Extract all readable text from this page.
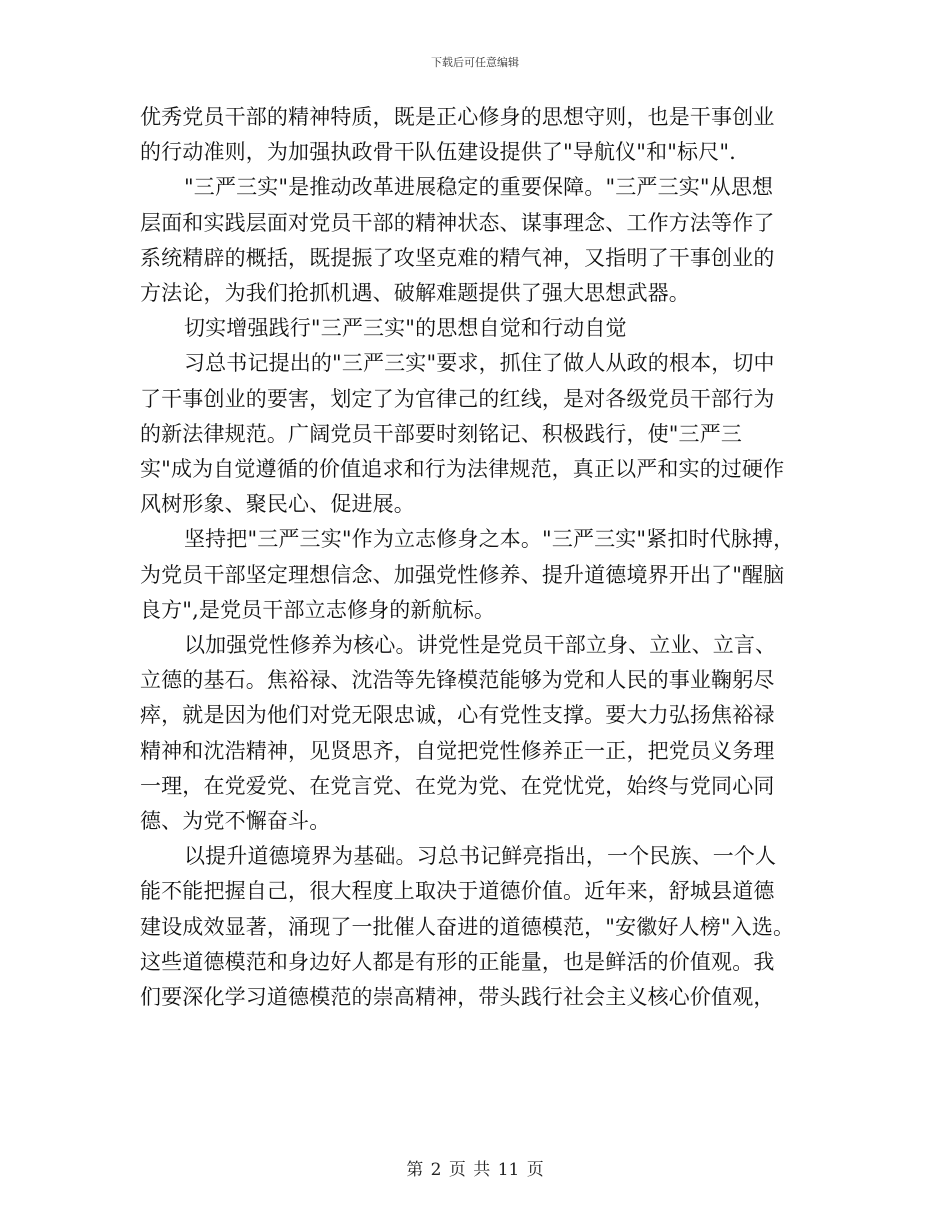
下载后可任意编辑
优秀党员干部的精神特质，既是正心修身的思想守则，也是干事创业
的行动准则，为加强执政骨干队伍建设提供了"导航仪"和"标尺".
"三严三实"是推动改革进展稳定的重要保障。"三严三实"从思想
层面和实践层面对党员干部的精神状态、谋事理念、工作方法等作了
系统精辟的概括，既提振了攻坚克难的精气神，又指明了干事创业的
方法论，为我们抢抓机遇、破解难题提供了强大思想武器。
切实增强践行"三严三实"的思想自觉和行动自觉
习总书记提出的"三严三实"要求，抓住了做人从政的根本，切中
了干事创业的要害，划定了为官律己的红线，是对各级党员干部行为
的新法律规范。广阔党员干部要时刻铭记、积极践行，使"三严三
实"成为自觉遵循的价值追求和行为法律规范，真正以严和实的过硬作
风树形象、聚民心、促进展。
坚持把"三严三实"作为立志修身之本。"三严三实"紧扣时代脉搏，
为党员干部坚定理想信念、加强党性修养、提升道德境界开出了"醒脑
良方",是党员干部立志修身的新航标。
以加强党性修养为核心。讲党性是党员干部立身、立业、立言、
立德的基石。焦裕禄、沈浩等先锋模范能够为党和人民的事业鞠躬尽
瘁，就是因为他们对党无限忠诚，心有党性支撑。要大力弘扬焦裕禄
精神和沈浩精神，见贤思齐，自觉把党性修养正一正，把党员义务理
一理，在党爱党、在党言党、在党为党、在党忧党，始终与党同心同
德、为党不懈奋斗。
以提升道德境界为基础。习总书记鲜亮指出，一个民族、一个人
能不能把握自己，很大程度上取决于道德价值。近年来，舒城县道德
建设成效显著，涌现了一批催人奋进的道德模范，"安徽好人榜"入选。
这些道德模范和身边好人都是有形的正能量，也是鲜活的价值观。我
们要深化学习道德模范的崇高精神，带头践行社会主义核心价值观，
第 2 页 共 11 页
